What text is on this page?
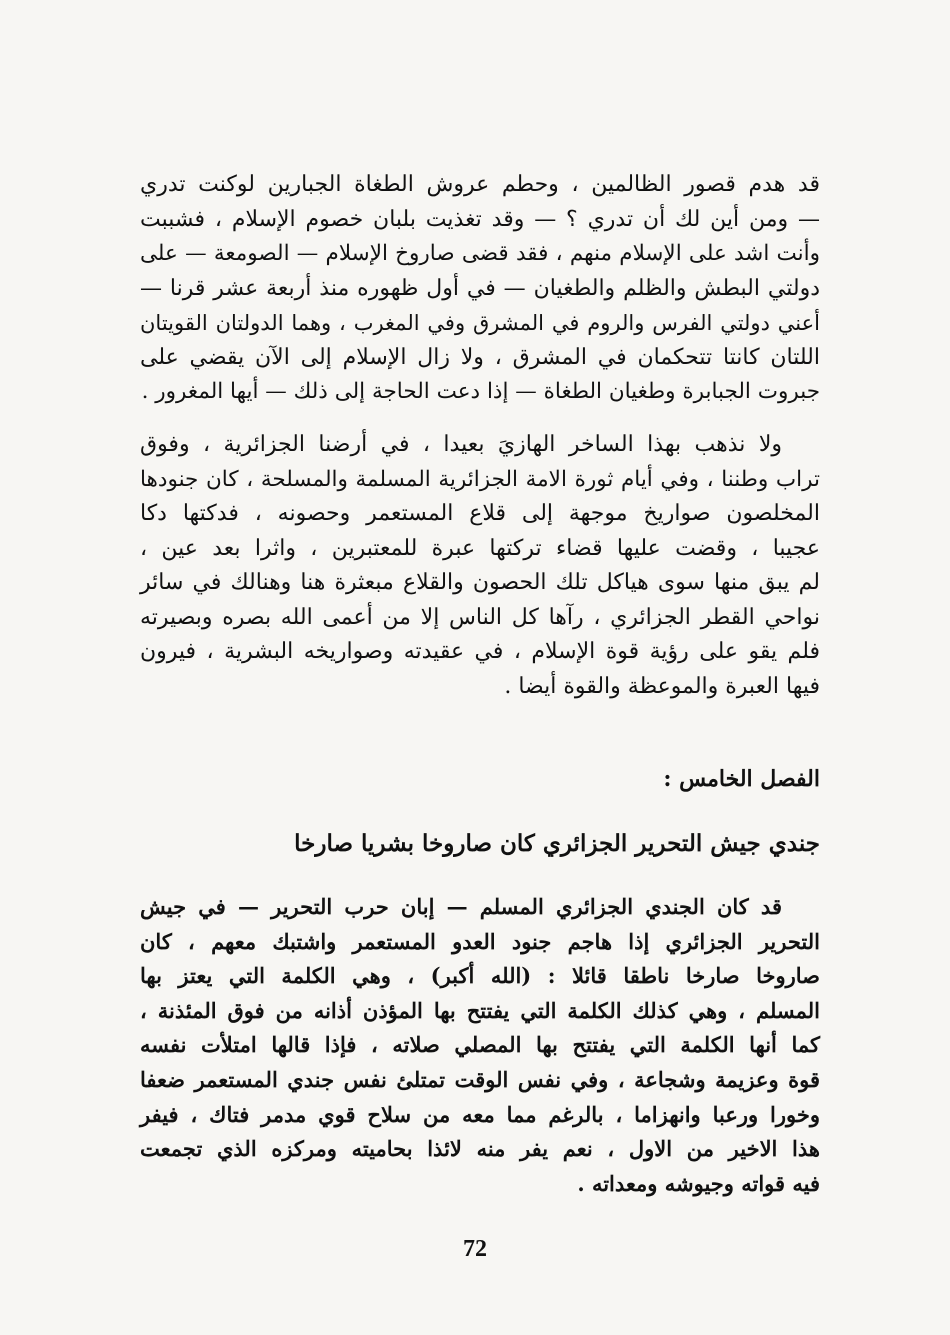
قد هدم قصور الظالمين ، وحطم عروش الطغاة الجبارين لوكنت تدري
— ومن أين لك أن تدري ؟ — وقد تغذيت بلبان خصوم الإسلام ، فشببت
وأنت اشد على الإسلام منهم ، فقد قضى صاروخ الإسلام — الصومعة — على
دولتي البطش والظلم والطغيان — في أول ظهوره منذ أربعة عشر قرنا —
أعني دولتي الفرس والروم في المشرق وفي المغرب ، وهما الدولتان القويتان
اللتان كانتا تتحكمان في المشرق ، ولا زال الإسلام إلى الآن يقضي على
جبروت الجبابرة وطغيان الطغاة — إذا دعت الحاجة إلى ذلك — أيها المغرور .

ولا نذهب بهذا الساخر الهازيَ بعيدا ، في أرضنا الجزائرية ، وفوق
تراب وطننا ، وفي أيام ثورة الامة الجزائرية المسلمة والمسلحة ، كان جنودها
المخلصون صواريخ موجهة إلى قلاع المستعمر وحصونه ، فدكتها دكا
عجيبا ، وقضت عليها قضاء تركتها عبرة للمعتبرين ، واثرا بعد عين ،
لم يبق منها سوى هياكل تلك الحصون والقلاع مبعثرة هنا وهنالك في سائر
نواحي القطر الجزائري ، رآها كل الناس إلا من أعمى الله بصره وبصيرته
فلم يقو على رؤية قوة الإسلام ، في عقيدته وصواريخه البشرية ، فيرون
فيها العبرة والموعظة والقوة أيضا .

الفصل الخامس :
جندي جيش التحرير الجزائري كان صاروخا بشريا صارخا

قد كان الجندي الجزائري المسلم — إبان حرب التحرير — في جيش
التحرير الجزائري إذا هاجم جنود العدو المستعمر واشتبك معهم ، كان
صاروخا صارخا ناطقا قائلا : (الله أكبر) ، وهي الكلمة التي يعتز بها
المسلم ، وهي كذلك الكلمة التي يفتتح بها المؤذن أذانه من فوق المئذنة ،
كما أنها الكلمة التي يفتتح بها المصلي صلاته ، فإذا قالها امتلأت نفسه
قوة وعزيمة وشجاعة ، وفي نفس الوقت تمتلئ نفس جندي المستعمر ضعفا
وخورا ورعبا وانهزاما ، بالرغم مما معه من سلاح قوي مدمر فتاك ، فيفر
هذا الاخير من الاول ، نعم يفر منه لائذا بحاميته ومركزه الذي تجمعت
فيه قواته وجيوشه ومعداته .

72
